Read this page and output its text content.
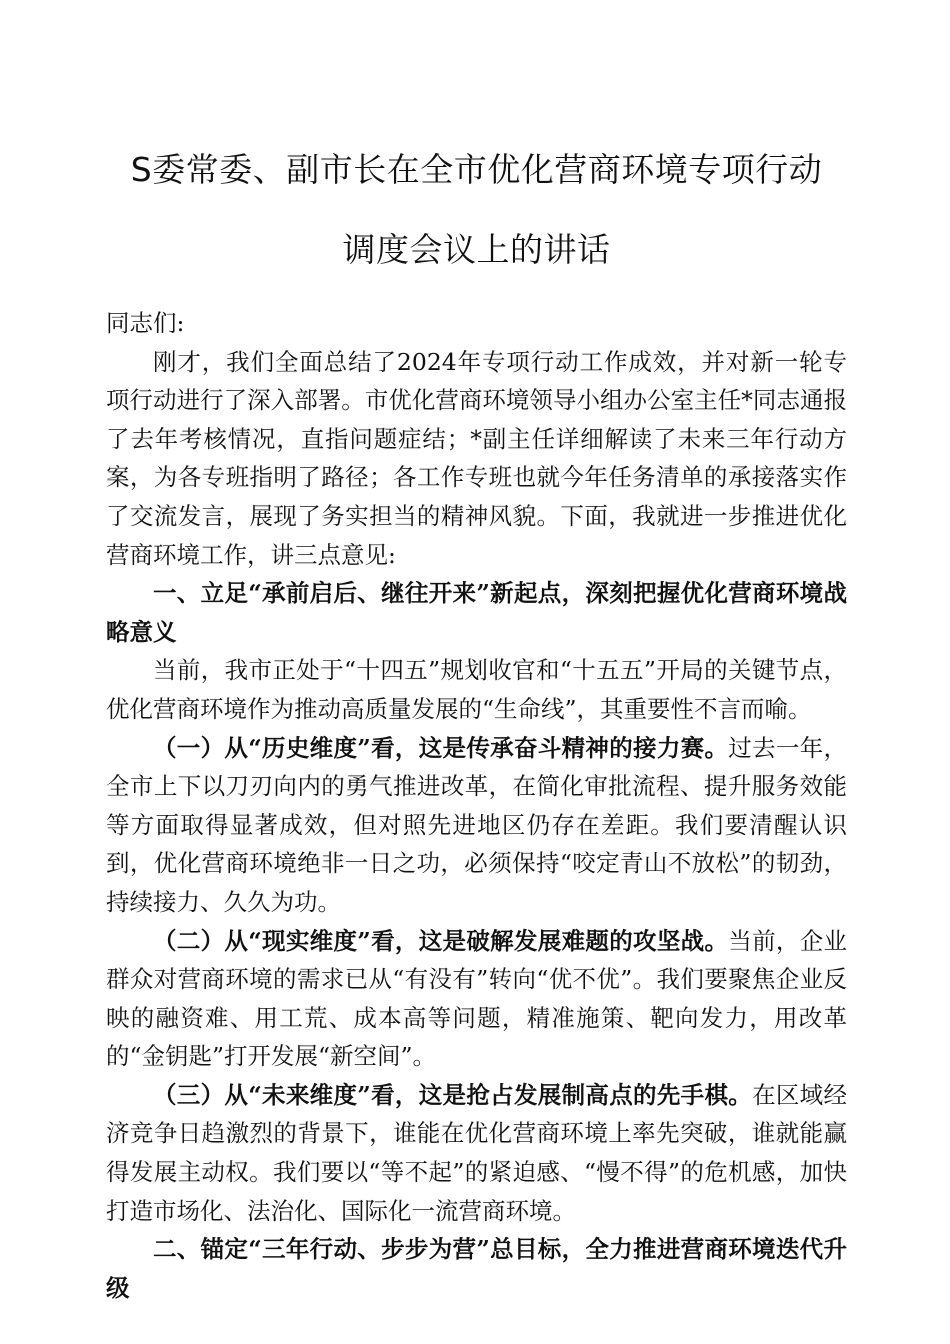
S委常委、副市长在全市优化营商环境专项行动
调度会议上的讲话

同志们:

刚才，我们全面总结了2024年专项行动工作成效，并对新一轮专项行动进行了深入部署。市优化营商环境领导小组办公室主任*同志通报了去年考核情况，直指问题症结；*副主任详细解读了未来三年行动方案，为各专班指明了路径；各工作专班也就今年任务清单的承接落实作了交流发言，展现了务实担当的精神风貌。下面，我就进一步推进优化营商环境工作，讲三点意见:

一、立足“承前启后、继往开来”新起点，深刻把握优化营商环境战略意义

当前，我市正处于“十四五”规划收官和“十五五”开局的关键节点，优化营商环境作为推动高质量发展的“生命线”，其重要性不言而喻。

（一）从“历史维度”看，这是传承奋斗精神的接力赛。过去一年，全市上下以刀刃向内的勇气推进改革，在简化审批流程、提升服务效能等方面取得显著成效，但对照先进地区仍存在差距。我们要清醒认识到，优化营商环境绝非一日之功，必须保持“咬定青山不放松”的韧劲，持续接力、久久为功。

（二）从“现实维度”看，这是破解发展难题的攻坚战。当前，企业群众对营商环境的需求已从“有没有”转向“优不优”。我们要聚焦企业反映的融资难、用工荒、成本高等问题，精准施策、靶向发力，用改革的“金钥匙”打开发展“新空间”。

（三）从“未来维度”看，这是抢占发展制高点的先手棋。在区域经济竞争日趋激烈的背景下，谁能在优化营商环境上率先突破，谁就能赢得发展主动权。我们要以“等不起”的紧迫感、“慢不得”的危机感，加快打造市场化、法治化、国际化一流营商环境。

二、锚定“三年行动、步步为营”总目标，全力推进营商环境迭代升级
